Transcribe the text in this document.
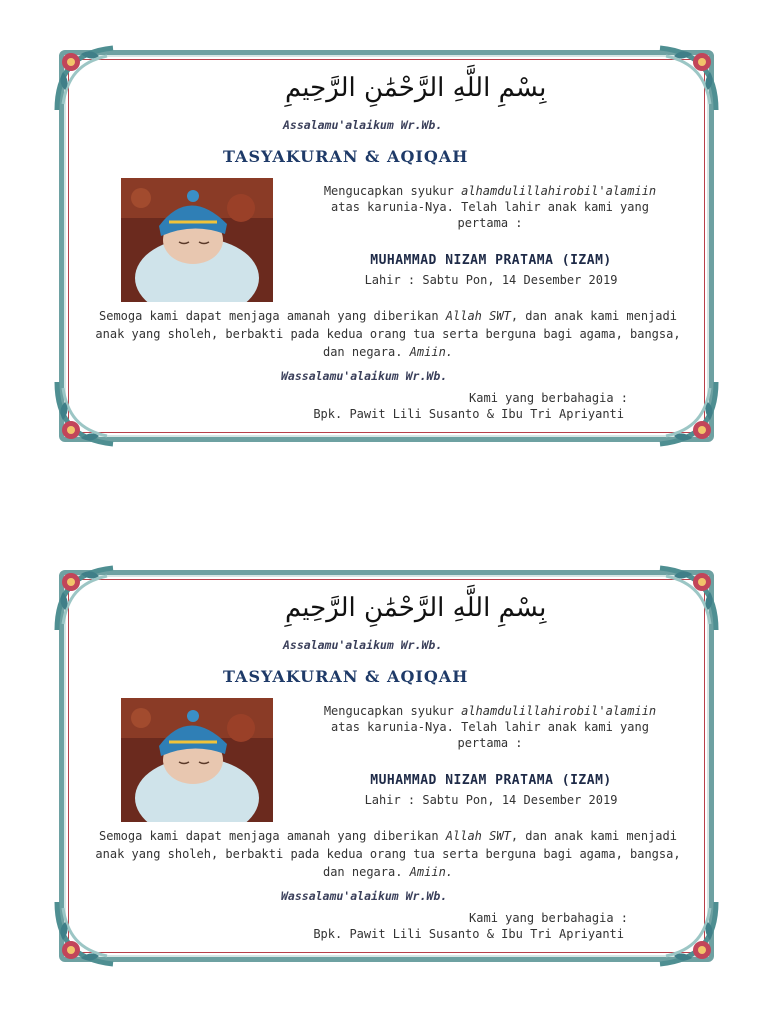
بِسْمِ اللَّهِ الرَّحْمَٰنِ الرَّحِيمِ
Assalamu'alaikum Wr.Wb.
TASYAKURAN & AQIQAH
Mengucapkan syukur alhamdulillahirobil'alamiin
atas karunia-Nya. Telah lahir anak kami yang
pertama :
MUHAMMAD NIZAM PRATAMA (IZAM)
Lahir : Sabtu Pon, 14 Desember 2019
Semoga kami dapat menjaga amanah yang diberikan Allah SWT, dan anak kami menjadi anak yang sholeh, berbakti pada kedua orang tua serta berguna bagi agama, bangsa, dan negara. Amiin.
Wassalamu'alaikum Wr.Wb.
Kami yang berbahagia :
Bpk. Pawit Lili Susanto & Ibu Tri Apriyanti
بِسْمِ اللَّهِ الرَّحْمَٰنِ الرَّحِيمِ
Assalamu'alaikum Wr.Wb.
TASYAKURAN & AQIQAH
Mengucapkan syukur alhamdulillahirobil'alamiin
atas karunia-Nya. Telah lahir anak kami yang
pertama :
MUHAMMAD NIZAM PRATAMA (IZAM)
Lahir : Sabtu Pon, 14 Desember 2019
Semoga kami dapat menjaga amanah yang diberikan Allah SWT, dan anak kami menjadi anak yang sholeh, berbakti pada kedua orang tua serta berguna bagi agama, bangsa, dan negara. Amiin.
Wassalamu'alaikum Wr.Wb.
Kami yang berbahagia :
Bpk. Pawit Lili Susanto & Ibu Tri Apriyanti
